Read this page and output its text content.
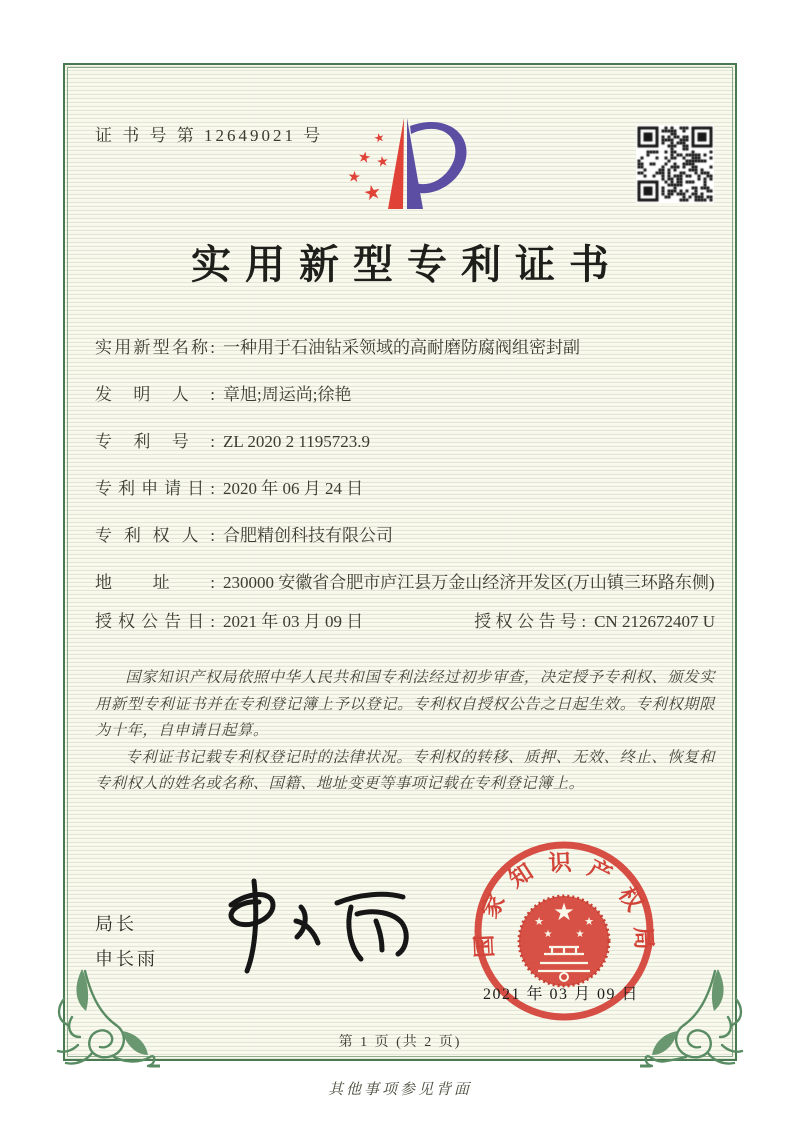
证 书 号 第 12649021 号	★
★ ★
★
★
实用新型专利证书
实用新型名称: 一种用于石油钻采领域的高耐磨防腐阀组密封副
发明人: 章旭;周运尚;徐艳
专利号: ZL 2020 2 1195723.9
专利申请日: 2020 年 06 月 24 日
专利权人: 合肥精创科技有限公司
地址: 230000 安徽省合肥市庐江县万金山经济开发区(万山镇三环路东侧)
授权公告日: 2021 年 03 月 09 日	授权公告号: CN 212672407 U

国家知识产权局依照中华人民共和国专利法经过初步审查，决定授予专利权、颁发实用新型专利证书并在专利登记簿上予以登记。专利权自授权公告之日起生效。专利权期限为十年，自申请日起算。

专利证书记载专利权登记时的法律状况。专利权的转移、质押、无效、终止、恢复和专利权人的姓名或名称、国籍、地址变更等事项记载在专利登记簿上。

局长
申长雨
国家知识产权局
★
★	★
★ ★
2021 年 03 月 09 日
第 1 页 (共 2 页)
其他事项参见背面
